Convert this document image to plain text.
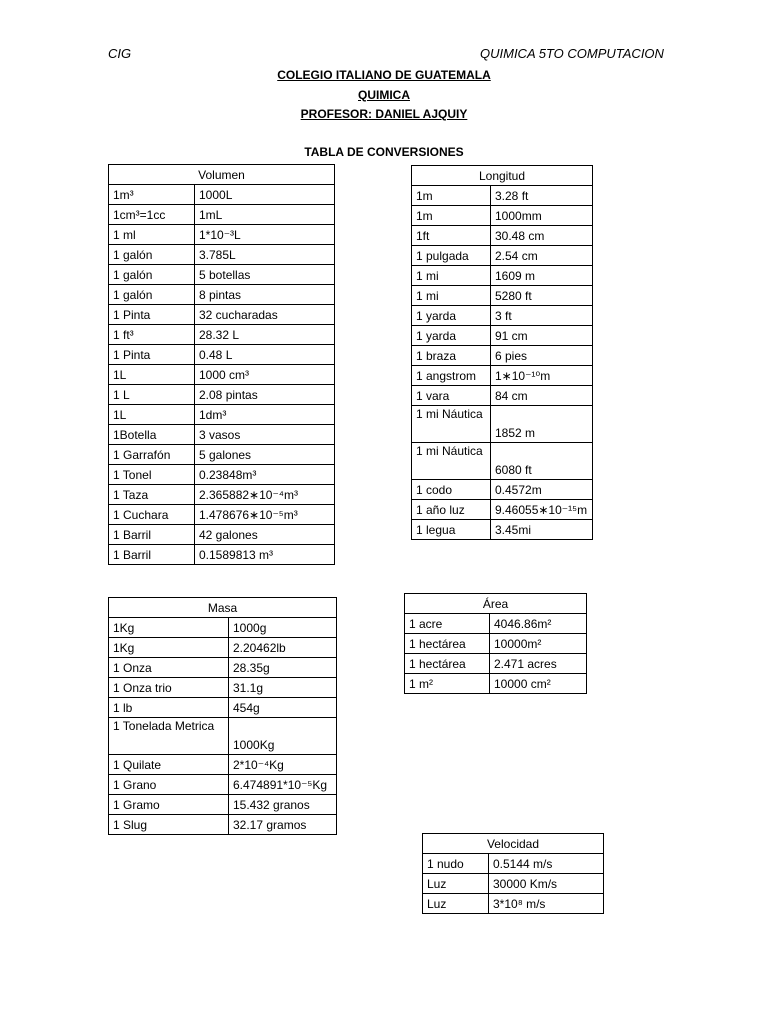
CIG	QUIMICA 5TO COMPUTACION
COLEGIO ITALIANO DE GUATEMALA
QUIMICA
PROFESOR: DANIEL AJQUIY
TABLA DE CONVERSIONES
Volumen	
1m³	1000L
1cm³=1cc	1mL
1 ml	1*10⁻³L
1 galón	3.785L
1 galón	5 botellas
1 galón	8 pintas
1 Pinta	32 cucharadas
1 ft³	28.32 L
1 Pinta	0.48 L
1L	1000 cm³
1 L	2.08 pintas
1L	1dm³
1Botella	3 vasos
1 Garrafón	5 galones
1 Tonel	0.23848m³
1 Taza	2.365882∗10⁻⁴m³
1 Cuchara	1.478676∗10⁻⁵m³
1 Barril	42 galones
1 Barril	0.1589813 m³
Longitud	
1m	3.28 ft
1m	1000mm
1ft	30.48 cm
1 pulgada	2.54 cm
1 mi	1609 m
1 mi	5280 ft
1 yarda	3 ft
1 yarda	91 cm
1 braza	6 pies
1 angstrom	1∗10⁻¹⁰m
1 vara	84 cm
1 mi Náutica	1852 m
1 mi Náutica	6080 ft
1 codo	0.4572m
1 año luz	9.46055∗10⁻¹⁵m
1 legua	3.45mi
Masa	
1Kg	1000g
1Kg	2.20462lb
1 Onza	28.35g
1 Onza trio	31.1g
1 lb	454g
1 Tonelada Metrica	1000Kg
1 Quilate	2*10⁻⁴Kg
1 Grano	6.474891*10⁻⁵Kg
1 Gramo	15.432 granos
1 Slug	32.17 gramos
Área	
1 acre	4046.86m²
1 hectárea	10000m²
1 hectárea	2.471 acres
1 m²	10000 cm²
Velocidad	
1 nudo	0.5144 m/s
Luz	30000 Km/s
Luz	3*10⁸ m/s
